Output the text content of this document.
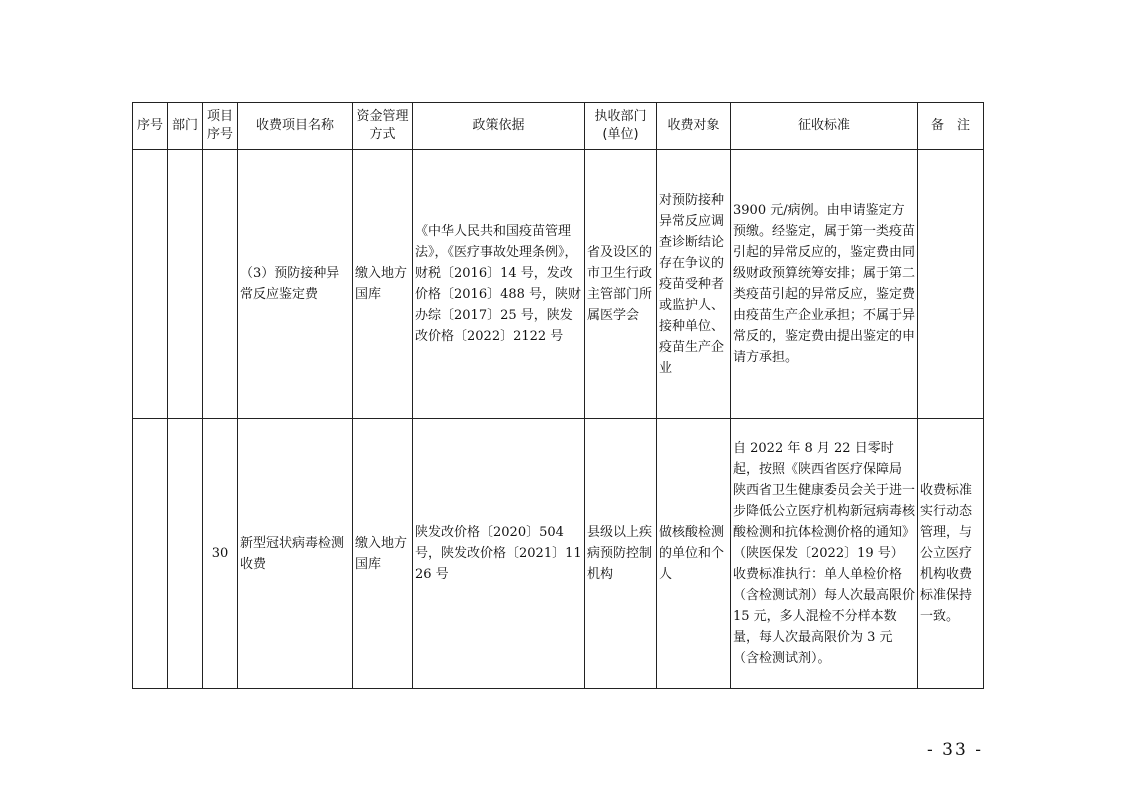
序号	部门	项目序号	收费项目名称	资金管理方式	政策依据	执收部门(单位)	收费对象	征收标准	备　注
			（3）预防接种异常反应鉴定费	缴入地方国库	《中华人民共和国疫苗管理法》，《医疗事故处理条例》，财税〔2016〕14 号，发改价格〔2016〕488 号，陕财办综〔2017〕25 号，陕发改价格〔2022〕2122 号	省及设区的市卫生行政主管部门所属医学会	对预防接种异常反应调查诊断结论存在争议的疫苗受种者或监护人、接种单位、疫苗生产企业	3900 元/病例。由申请鉴定方预缴。经鉴定，属于第一类疫苗引起的异常反应的，鉴定费由同级财政预算统筹安排；属于第二类疫苗引起的异常反应，鉴定费由疫苗生产企业承担；不属于异常反的，鉴定费由提出鉴定的申请方承担。	
		30	新型冠状病毒检测收费	缴入地方国库	陕发改价格〔2020〕504 号，陕发改价格〔2021〕1126 号	县级以上疾病预防控制机构	做核酸检测的单位和个人	自 2022 年 8 月 22 日零时起，按照《陕西省医疗保障局 陕西省卫生健康委员会关于进一步降低公立医疗机构新冠病毒核酸检测和抗体检测价格的通知》（陕医保发〔2022〕19 号）收费标准执行：单人单检价格（含检测试剂）每人次最高限价 15 元，多人混检不分样本数量，每人次最高限价为 3 元（含检测试剂）。	收费标准实行动态管理，与公立医疗机构收费标准保持一致。
- 33 -
